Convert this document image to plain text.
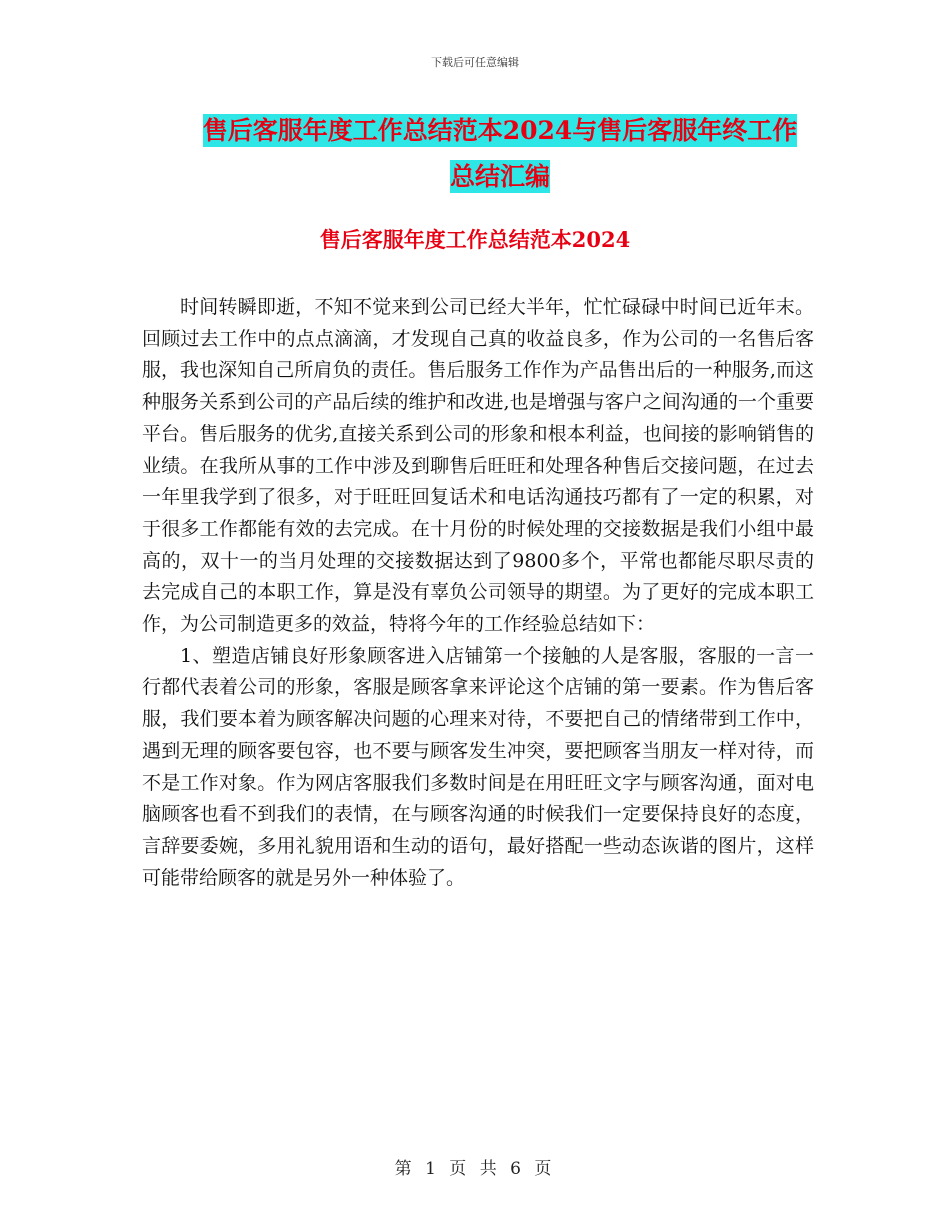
下载后可任意编辑
售后客服年度工作总结范本2024与售后客服年终工作
总结汇编
售后客服年度工作总结范本2024

时间转瞬即逝，不知不觉来到公司已经大半年，忙忙碌碌中时间已近年末。回顾过去工作中的点点滴滴，才发现自己真的收益良多，作为公司的一名售后客服，我也深知自己所肩负的责任。售后服务工作作为产品售出后的一种服务,而这种服务关系到公司的产品后续的维护和改进,也是增强与客户之间沟通的一个重要平台。售后服务的优劣,直接关系到公司的形象和根本利益，也间接的影响销售的业绩。在我所从事的工作中涉及到聊售后旺旺和处理各种售后交接问题，在过去一年里我学到了很多，对于旺旺回复话术和电话沟通技巧都有了一定的积累，对于很多工作都能有效的去完成。在十月份的时候处理的交接数据是我们小组中最高的，双十一的当月处理的交接数据达到了9800多个，平常也都能尽职尽责的去完成自己的本职工作，算是没有辜负公司领导的期望。为了更好的完成本职工作，为公司制造更多的效益，特将今年的工作经验总结如下：

1、塑造店铺良好形象顾客进入店铺第一个接触的人是客服，客服的一言一行都代表着公司的形象，客服是顾客拿来评论这个店铺的第一要素。作为售后客服，我们要本着为顾客解决问题的心理来对待，不要把自己的情绪带到工作中，遇到无理的顾客要包容，也不要与顾客发生冲突，要把顾客当朋友一样对待，而不是工作对象。作为网店客服我们多数时间是在用旺旺文字与顾客沟通，面对电脑顾客也看不到我们的表情，在与顾客沟通的时候我们一定要保持良好的态度，言辞要委婉，多用礼貌用语和生动的语句，最好搭配一些动态诙谐的图片，这样可能带给顾客的就是另外一种体验了。

第 1 页 共 6 页
